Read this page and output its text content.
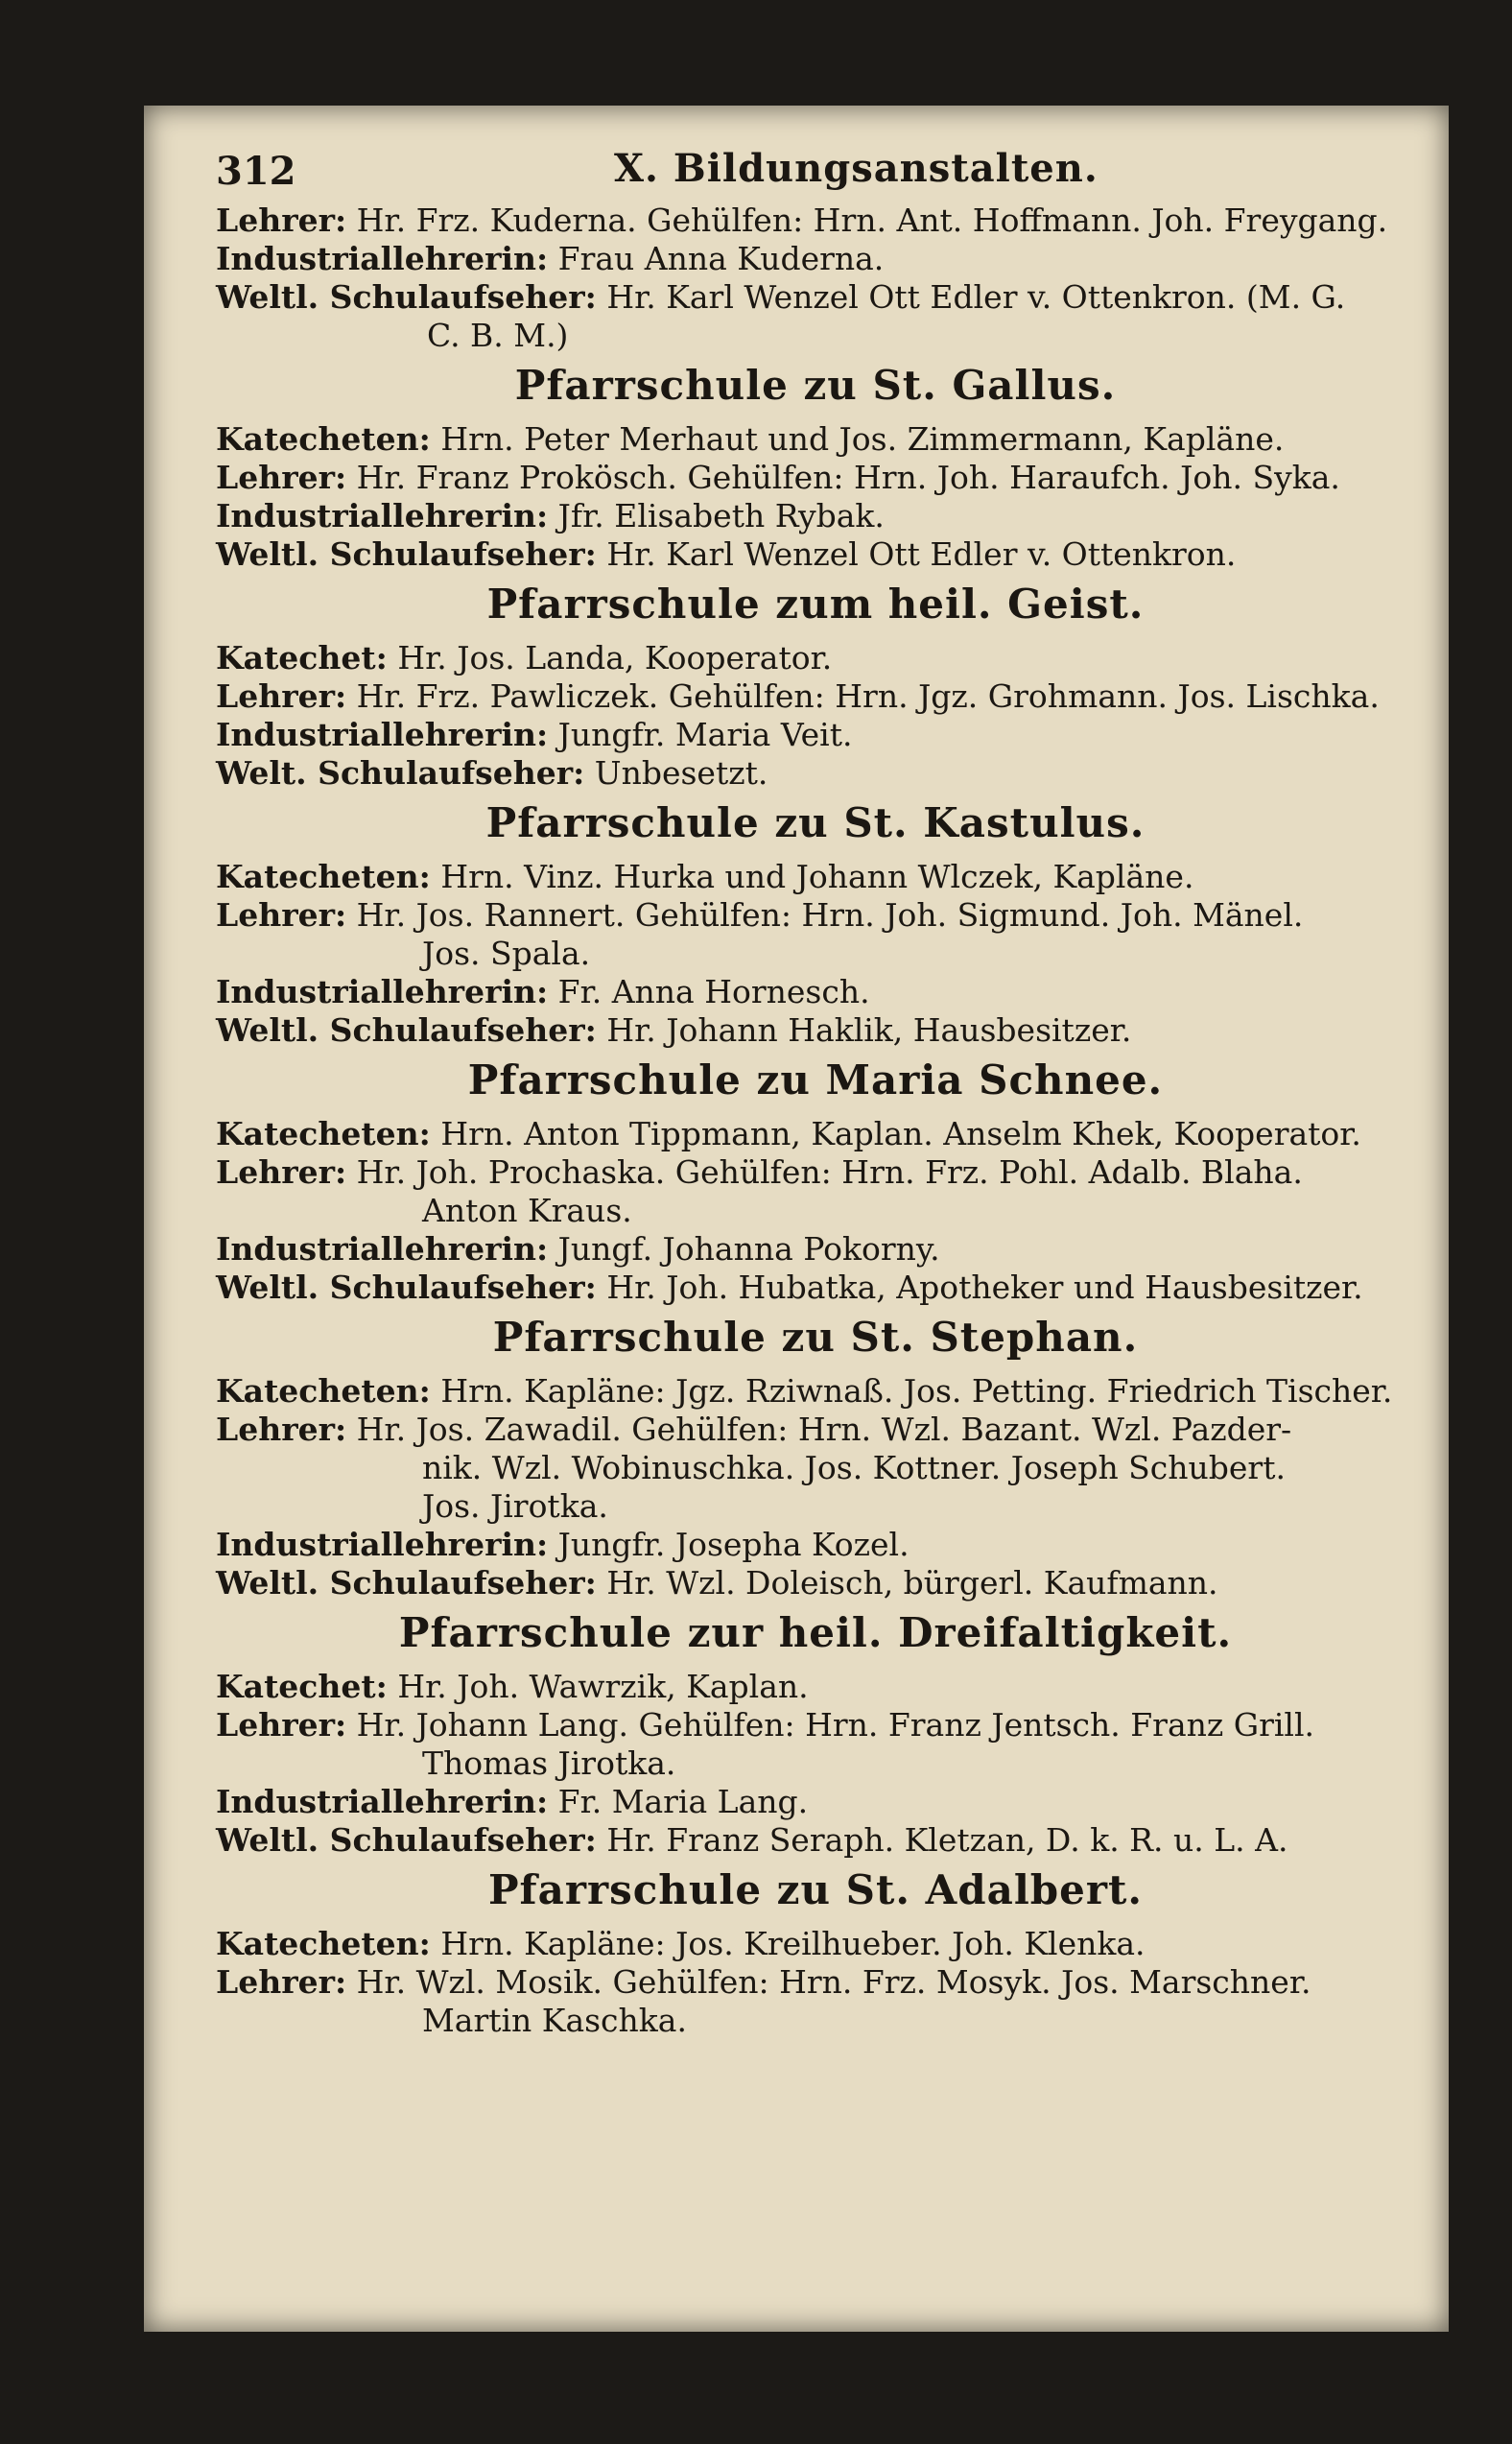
312	X. Bildungsanstalten.
Lehrer: Hr. Frz. Kuderna. Gehülfen: Hrn. Ant. Hoffmann. Joh. Freygang.
Industriallehrerin: Frau Anna Kuderna.
Weltl. Schulaufseher: Hr. Karl Wenzel Ott Edler v. Ottenkron. (M. G.
C. B. M.)
Pfarrschule zu St. Gallus.
Katecheten: Hrn. Peter Merhaut und Jos. Zimmermann, Kapläne.
Lehrer: Hr. Franz Prokösch. Gehülfen: Hrn. Joh. Haraufch. Joh. Syka.
Industriallehrerin: Jfr. Elisabeth Rybak.
Weltl. Schulaufseher: Hr. Karl Wenzel Ott Edler v. Ottenkron.
Pfarrschule zum heil. Geist.
Katechet: Hr. Jos. Landa, Kooperator.
Lehrer: Hr. Frz. Pawliczek. Gehülfen: Hrn. Jgz. Grohmann. Jos. Lischka.
Industriallehrerin: Jungfr. Maria Veit.
Welt. Schulaufseher: Unbesetzt.
Pfarrschule zu St. Kastulus.
Katecheten: Hrn. Vinz. Hurka und Johann Wlczek, Kapläne.
Lehrer: Hr. Jos. Rannert. Gehülfen: Hrn. Joh. Sigmund. Joh. Mänel.
Jos. Spala.
Industriallehrerin: Fr. Anna Hornesch.
Weltl. Schulaufseher: Hr. Johann Haklik, Hausbesitzer.
Pfarrschule zu Maria Schnee.
Katecheten: Hrn. Anton Tippmann, Kaplan. Anselm Khek, Kooperator.
Lehrer: Hr. Joh. Prochaska. Gehülfen: Hrn. Frz. Pohl. Adalb. Blaha.
Anton Kraus.
Industriallehrerin: Jungf. Johanna Pokorny.
Weltl. Schulaufseher: Hr. Joh. Hubatka, Apotheker und Hausbesitzer.
Pfarrschule zu St. Stephan.
Katecheten: Hrn. Kapläne: Jgz. Rziwnaß. Jos. Petting. Friedrich Tischer.
Lehrer: Hr. Jos. Zawadil. Gehülfen: Hrn. Wzl. Bazant. Wzl. Pazder-
nik. Wzl. Wobinuschka. Jos. Kottner. Joseph Schubert.
Jos. Jirotka.
Industriallehrerin: Jungfr. Josepha Kozel.
Weltl. Schulaufseher: Hr. Wzl. Doleisch, bürgerl. Kaufmann.
Pfarrschule zur heil. Dreifaltigkeit.
Katechet: Hr. Joh. Wawrzik, Kaplan.
Lehrer: Hr. Johann Lang. Gehülfen: Hrn. Franz Jentsch. Franz Grill.
Thomas Jirotka.
Industriallehrerin: Fr. Maria Lang.
Weltl. Schulaufseher: Hr. Franz Seraph. Kletzan, D. k. R. u. L. A.
Pfarrschule zu St. Adalbert.
Katecheten: Hrn. Kapläne: Jos. Kreilhueber. Joh. Klenka.
Lehrer: Hr. Wzl. Mosik. Gehülfen: Hrn. Frz. Mosyk. Jos. Marschner.
Martin Kaschka.
